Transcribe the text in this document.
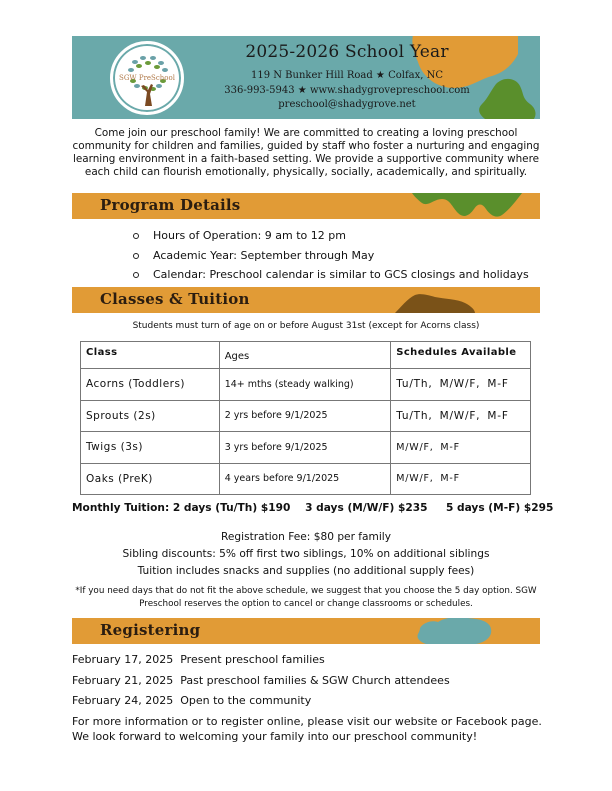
SGW PreSchool
2025-2026 School Year
119 N Bunker Hill Road ★ Colfax, NC
336-993-5943 ★ www.shadygrovepreschool.com
preschool@shadygrove.net

Come join our preschool family! We are committed to creating a loving preschool community for children and families, guided by staff who foster a nurturing and engaging learning environment in a faith-based setting. We provide a supportive community where each child can flourish emotionally, physically, socially, academically, and spiritually.

Program Details
Hours of Operation: 9 am to 12 pm
Academic Year: September through May
Calendar: Preschool calendar is similar to GCS closings and holidays
Classes & Tuition
Students must turn of age on or before August 31st (except for Acorns class)
Class	Ages	Schedules Available
Acorns (Toddlers)	14+ mths (steady walking)	Tu/Th, M/W/F, M-F
Sprouts (2s)	2 yrs before 9/1/2025	Tu/Th, M/W/F, M-F
Twigs (3s)	3 yrs before 9/1/2025	M/W/F, M-F
Oaks (PreK)	4 years before 9/1/2025	M/W/F, M-F
Monthly Tuition: 2 days (Tu/Th) $190    3 days (M/W/F) $235     5 days (M-F) $295
Registration Fee: $80 per family
Sibling discounts: 5% off first two siblings, 10% on additional siblings
Tuition includes snacks and supplies (no additional supply fees)

*If you need days that do not fit the above schedule, we suggest that you choose the 5 day option. SGW Preschool reserves the option to cancel or change classrooms or schedules.

Registering
February 17, 2025 Present preschool families
February 21, 2025 Past preschool families & SGW Church attendees
February 24, 2025 Open to the community
For more information or to register online, please visit our website or Facebook page.
We look forward to welcoming your family into our preschool community!
